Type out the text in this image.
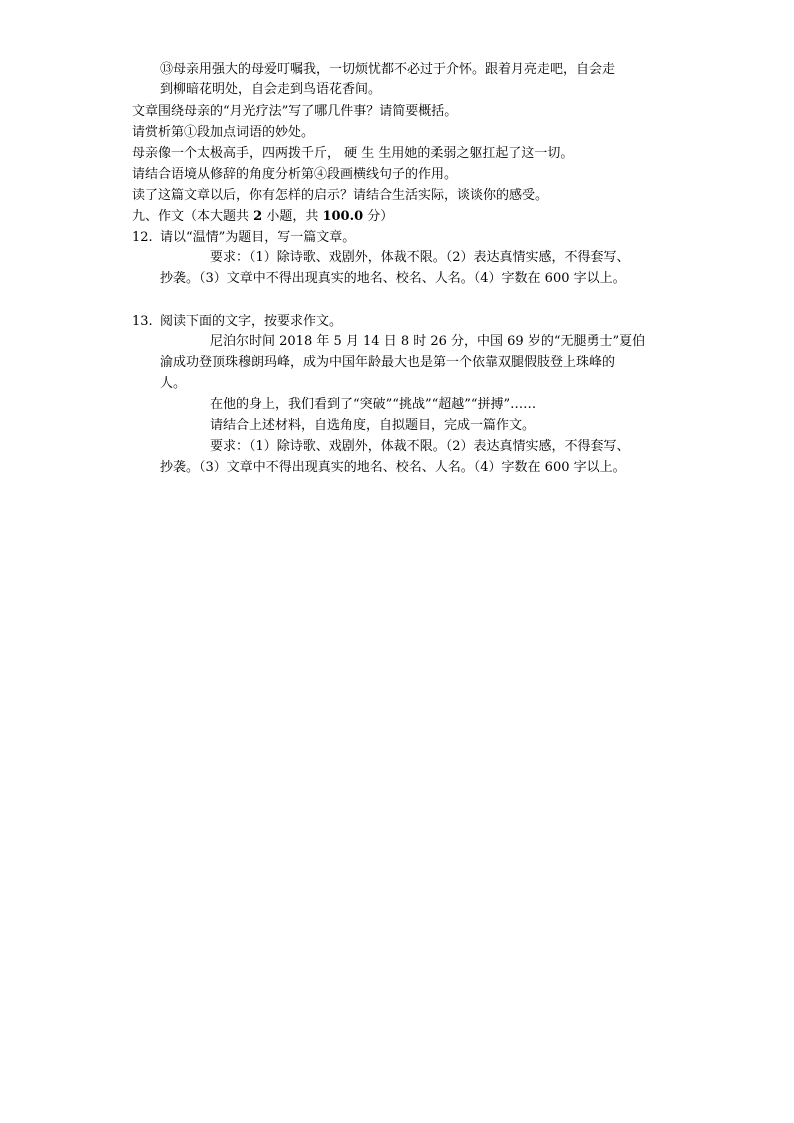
⑬母亲用强大的母爱叮嘱我，一切烦忧都不必过于介怀。跟着月亮走吧，自会走
到柳暗花明处，自会走到鸟语花香间。
文章围绕母亲的“月光疗法”写了哪几件事？请简要概括。
请赏析第①段加点词语的妙处。
母亲像一个太极高手，四两拨千斤， 硬 生 生用她的柔弱之躯扛起了这一切。
请结合语境从修辞的角度分析第④段画横线句子的作用。
读了这篇文章以后，你有怎样的启示？请结合生活实际，谈谈你的感受。
九、作文（本大题共 2 小题，共 100.0 分）
12. 请以“温情”为题目，写一篇文章。
要求：（1）除诗歌、戏剧外，体裁不限。（2）表达真情实感，不得套写、
抄袭。（3）文章中不得出现真实的地名、校名、人名。（4）字数在 600 字以上。
13. 阅读下面的文字，按要求作文。
尼泊尔时间 2018 年 5 月 14 日 8 时 26 分，中国 69 岁的“无腿勇士”夏伯
渝成功登顶珠穆朗玛峰，成为中国年龄最大也是第一个依靠双腿假肢登上珠峰的
人。
在他的身上，我们看到了“突破”“挑战”“超越”“拼搏”……
请结合上述材料，自选角度，自拟题目，完成一篇作文。
要求：（1）除诗歌、戏剧外，体裁不限。（2）表达真情实感，不得套写、
抄袭。（3）文章中不得出现真实的地名、校名、人名。（4）字数在 600 字以上。
